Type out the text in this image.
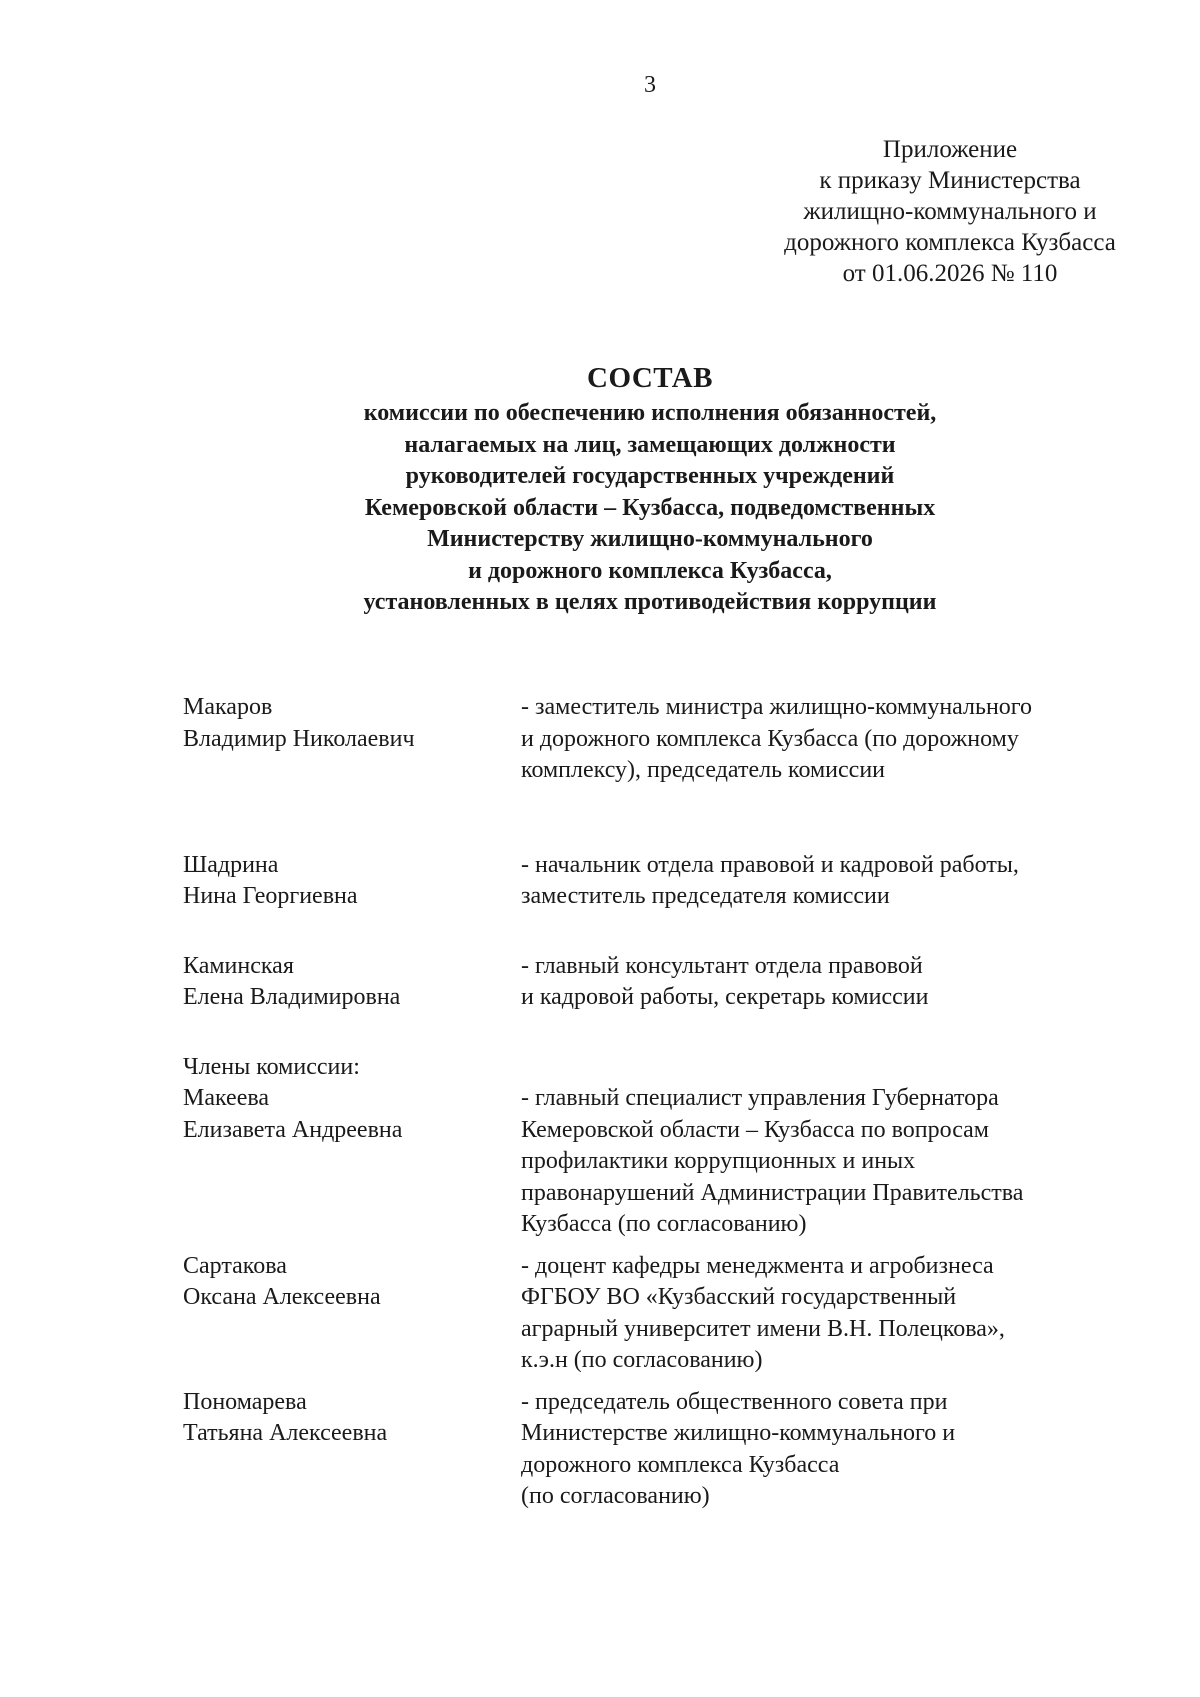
3
Приложение
к приказу Министерства
жилищно-коммунального и
дорожного комплекса Кузбасса
от 01.06.2026 № 110
СОСТАВ
комиссии по обеспечению исполнения обязанностей,
налагаемых на лиц, замещающих должности
руководителей государственных учреждений
Кемеровской области – Кузбасса, подведомственных
Министерству жилищно-коммунального
и дорожного комплекса Кузбасса,
установленных в целях противодействия коррупции
Макаров
Владимир Николаевич
- заместитель министра жилищно-коммунального
и дорожного комплекса Кузбасса (по дорожному
комплексу), председатель комиссии
Шадрина
Нина Георгиевна
- начальник отдела правовой и кадровой работы,
заместитель председателя комиссии
Каминская
Елена Владимировна
- главный консультант отдела правовой
и кадровой работы, секретарь комиссии
Члены комиссии:
Макеева
Елизавета Андреевна
- главный специалист управления Губернатора
Кемеровской области – Кузбасса по вопросам
профилактики коррупционных и иных
правонарушений Администрации Правительства
Кузбасса (по согласованию)
Сартакова
Оксана Алексеевна
- доцент кафедры менеджмента и агробизнеса
ФГБОУ ВО «Кузбасский государственный
аграрный университет имени В.Н. Полецкова»,
к.э.н (по согласованию)
Пономарева
Татьяна Алексеевна
- председатель общественного совета при
Министерстве жилищно-коммунального и
дорожного комплекса Кузбасса
(по согласованию)
